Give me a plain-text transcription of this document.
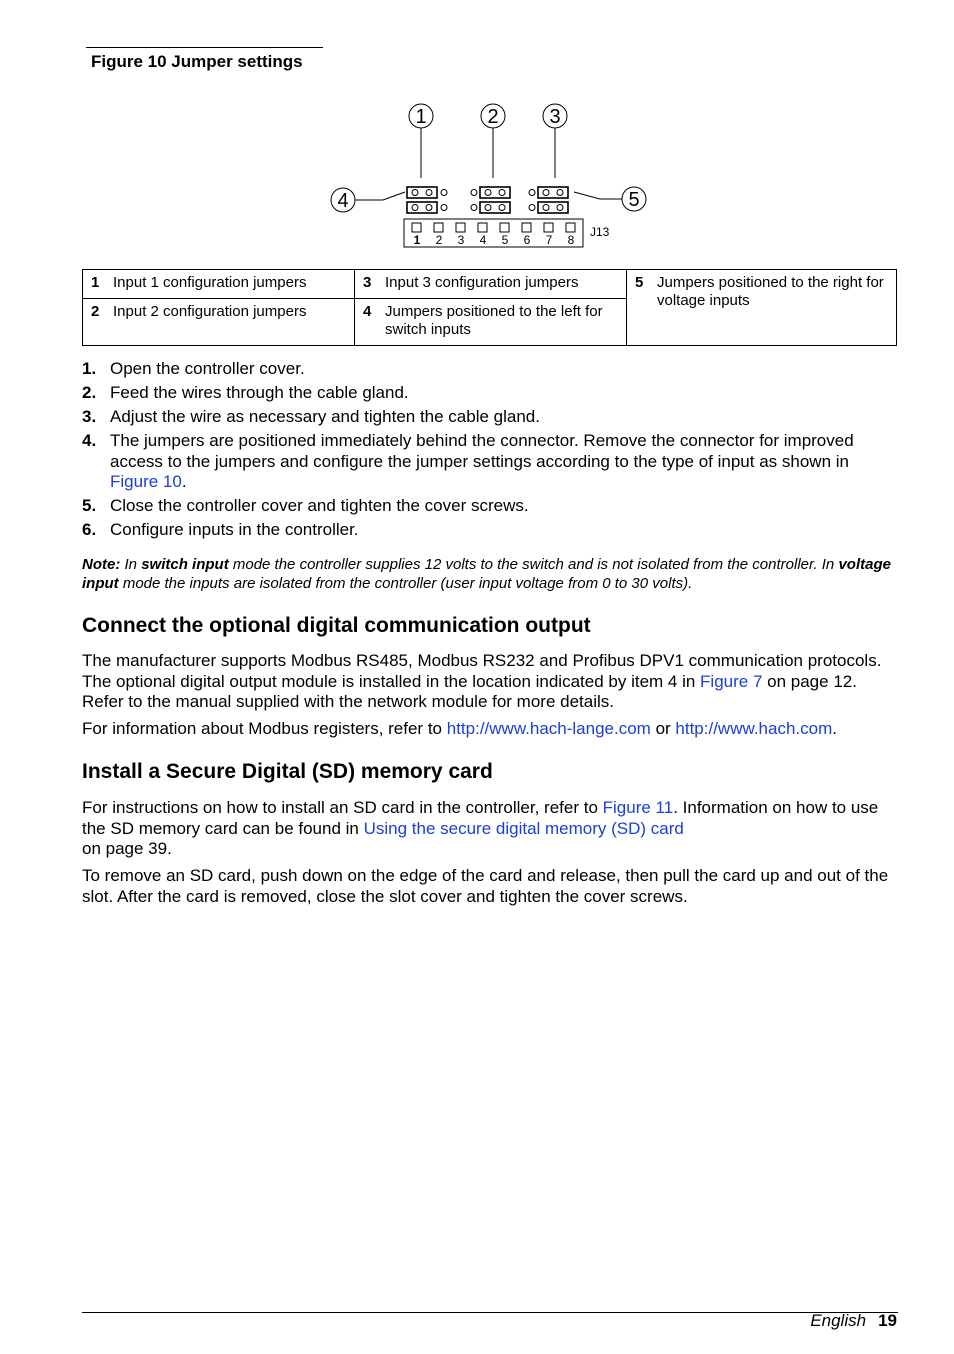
Figure 10 Jumper settings
1	2	3
4	5
1 2 3 4 5 6 7 8
J13
1 Input 1 configuration jumpers	3 Input 3 configuration jumpers	5 Jumpers positioned to the right for voltage inputs

2 Input 2 configuration jumpers	4 Jumpers positioned to the left for switch inputs	
1. Open the controller cover.
2. Feed the wires through the cable gland.
3. Adjust the wire as necessary and tighten the cable gland.
4. The jumpers are positioned immediately behind the connector. Remove the connector for improved access to the jumpers and configure the jumper settings according to the type of input as shown in Figure 10.
5. Close the controller cover and tighten the cover screws.
6. Configure inputs in the controller.
Note: In switch input mode the controller supplies 12 volts to the switch and is not isolated from the controller. In voltage input mode the inputs are isolated from the controller (user input voltage from 0 to 30 volts).
Connect the optional digital communication output
The manufacturer supports Modbus RS485, Modbus RS232 and Profibus DPV1 communication protocols. The optional digital output module is installed in the location indicated by item 4 in Figure 7 on page 12. Refer to the manual supplied with the network module for more details.
For information about Modbus registers, refer to http://www.hach-lange.com or http://www.hach.com.
Install a Secure Digital (SD) memory card
For instructions on how to install an SD card in the controller, refer to Figure 11. Information on how to use the SD memory card can be found in Using the secure digital memory (SD) card
on page 39.
To remove an SD card, push down on the edge of the card and release, then pull the card up and out of the slot. After the card is removed, close the slot cover and tighten the cover screws.
English 19
